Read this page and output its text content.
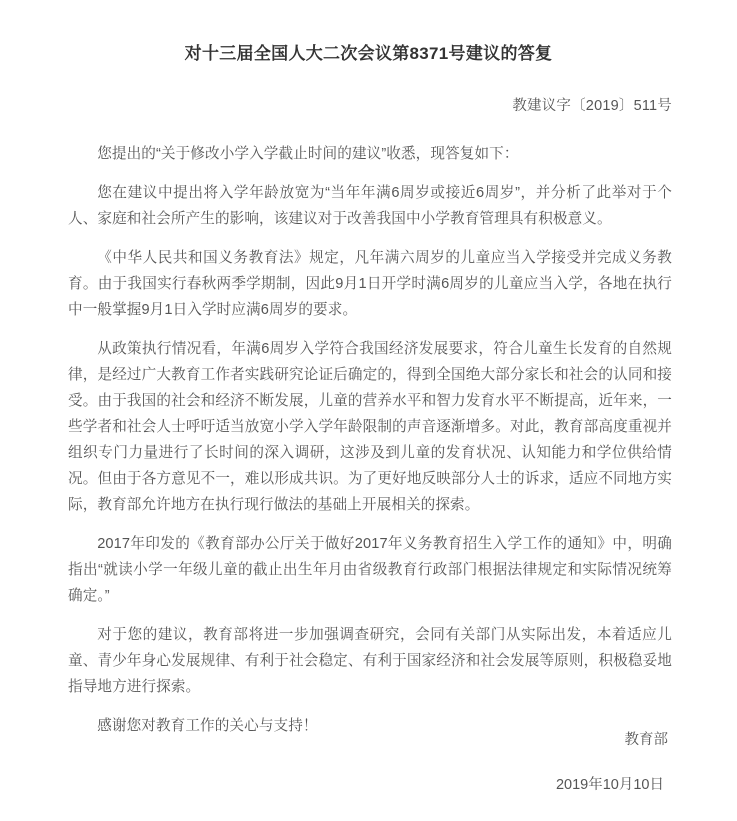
对十三届全国人大二次会议第8371号建议的答复
教建议字〔2019〕511号

您提出的“关于修改小学入学截止时间的建议”收悉，现答复如下：

您在建议中提出将入学年龄放宽为“当年年满6周岁或接近6周岁”，并分析了此举对于个人、家庭和社会所产生的影响，该建议对于改善我国中小学教育管理具有积极意义。

《中华人民共和国义务教育法》规定，凡年满六周岁的儿童应当入学接受并完成义务教育。由于我国实行春秋两季学期制，因此9月1日开学时满6周岁的儿童应当入学，各地在执行中一般掌握9月1日入学时应满6周岁的要求。

从政策执行情况看，年满6周岁入学符合我国经济发展要求，符合儿童生长发育的自然规律，是经过广大教育工作者实践研究论证后确定的，得到全国绝大部分家长和社会的认同和接受。由于我国的社会和经济不断发展，儿童的营养水平和智力发育水平不断提高，近年来，一些学者和社会人士呼吁适当放宽小学入学年龄限制的声音逐渐增多。对此，教育部高度重视并组织专门力量进行了长时间的深入调研，这涉及到儿童的发育状况、认知能力和学位供给情况。但由于各方意见不一，难以形成共识。为了更好地反映部分人士的诉求，适应不同地方实际，教育部允许地方在执行现行做法的基础上开展相关的探索。

2017年印发的《教育部办公厅关于做好2017年义务教育招生入学工作的通知》中，明确指出“就读小学一年级儿童的截止出生年月由省级教育行政部门根据法律规定和实际情况统筹确定。”

对于您的建议，教育部将进一步加强调查研究，会同有关部门从实际出发，本着适应儿童、青少年身心发展规律、有利于社会稳定、有利于国家经济和社会发展等原则，积极稳妥地指导地方进行探索。

感谢您对教育工作的关心与支持！

教育部
2019年10月10日
